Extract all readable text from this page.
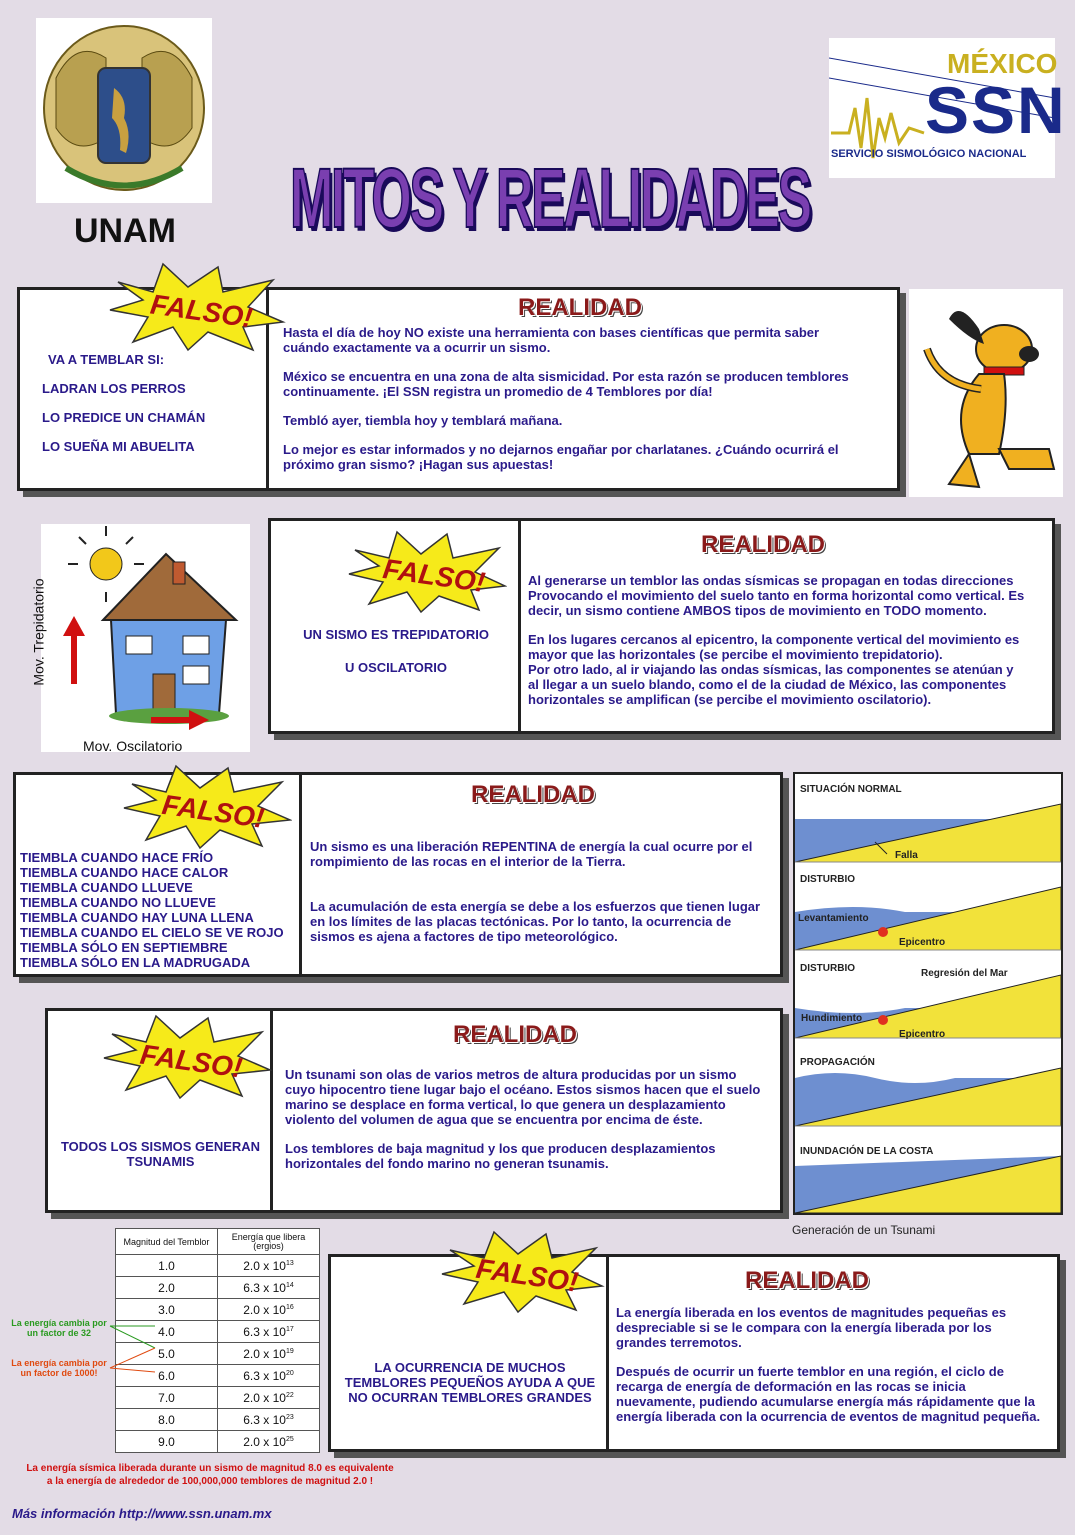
UNAM MITOS Y REALIDADES
MÉXICO
SSN
SERVICIO SISMOLÓGICO NACIONAL

VA A TEMBLAR SI:

LADRAN LOS PERROS

LO PREDICE UN CHAMÁN

LO SUEÑA MI ABUELITA

REALIDAD

Hasta el día de hoy NO existe una herramienta con bases científicas que permita saber
cuándo exactamente va a ocurrir un sismo.

México se encuentra en una zona de alta sismicidad. Por esta razón se producen temblores
continuamente. ¡El SSN registra un promedio de 4 Temblores por día!

Tembló ayer, tiembla hoy y temblará mañana.

Lo mejor es estar informados y no dejarnos engañar por charlatanes. ¿Cuándo ocurrirá el
próximo gran sismo? ¡Hagan sus apuestas!

FALSO!
Mov. Trepidatorio
Mov. Oscilatorio

UN SISMO ES TREPIDATORIO

U OSCILATORIO

REALIDAD

Al generarse un temblor las ondas sísmicas se propagan en todas direcciones
Provocando el movimiento del suelo tanto en forma horizontal como vertical. Es
decir, un sismo contiene AMBOS tipos de movimiento en TODO momento.

En los lugares cercanos al epicentro, la componente vertical del movimiento es
mayor que las horizontales (se percibe el movimiento trepidatorio).
Por otro lado, al ir viajando las ondas sísmicas, las componentes se atenúan y
al llegar a un suelo blando, como el de la ciudad de México, las componentes
horizontales se amplifican (se percibe el movimiento oscilatorio).

FALSO!
TIEMBLA CUANDO HACE FRÍO
TIEMBLA CUANDO HACE CALOR
TIEMBLA CUANDO LLUEVE
TIEMBLA CUANDO NO LLUEVE
TIEMBLA CUANDO HAY LUNA LLENA
TIEMBLA CUANDO EL CIELO SE VE ROJO
TIEMBLA SÓLO EN SEPTIEMBRE
TIEMBLA SÓLO EN LA MADRUGADA
REALIDAD

Un sismo es una liberación REPENTINA de energía la cual ocurre por el
rompimiento de las rocas en el interior de la Tierra.

La acumulación de esta energía se debe a los esfuerzos que tienen lugar
en los límites de las placas tectónicas. Por lo tanto, la ocurrencia de
sismos es ajena a factores de tipo meteorológico.

FALSO!	SITUACIÓN NORMAL
Falla
DISTURBIO
Levantamiento
Epicentro
DISTURBIO	Regresión del Mar
Hundimiento
Epicentro
PROPAGACIÓN
INUNDACIÓN DE LA COSTA
Generación de un Tsunami

TODOS LOS SISMOS GENERAN
TSUNAMIS

REALIDAD

Un tsunami son olas de varios metros de altura producidas por un sismo
cuyo hipocentro tiene lugar bajo el océano. Estos sismos hacen que el suelo
marino se desplace en forma vertical, lo que genera un desplazamiento
violento del volumen de agua que se encuentra por encima de éste.

Los temblores de baja magnitud y los que producen desplazamientos
horizontales del fondo marino no generan tsunamis.

FALSO!
Magnitud del Temblor	Energía que libera
(ergios)
1.0	2.0 x $10^{13}$
2.0	6.3 x $10^{14}$
3.0	2.0 x $10^{16}$
4.0	6.3 x $10^{17}$
5.0	2.0 x $10^{19}$
6.0	6.3 x $10^{20}$
7.0	2.0 x $10^{22}$
8.0	6.3 x $10^{23}$
9.0	2.0 x $10^{25}$
La energía cambia por
un factor de 32
La energía cambia por
un factor de 1000!
La energía sísmica liberada durante un sismo de magnitud 8.0 es equivalente
a la energía de alrededor de 100,000,000 temblores de magnitud 2.0 !

LA OCURRENCIA DE MUCHOS
TEMBLORES PEQUEÑOS AYUDA A QUE
NO OCURRAN TEMBLORES GRANDES

REALIDAD

La energía liberada en los eventos de magnitudes pequeñas es
despreciable si se le compara con la energía liberada por los
grandes terremotos.

Después de ocurrir un fuerte temblor en una región, el ciclo de
recarga de energía de deformación en las rocas se inicia
nuevamente, pudiendo acumularse energía más rápidamente que la
energía liberada con la ocurrencia de eventos de magnitud pequeña.

FALSO!
Más información http://www.ssn.unam.mx
